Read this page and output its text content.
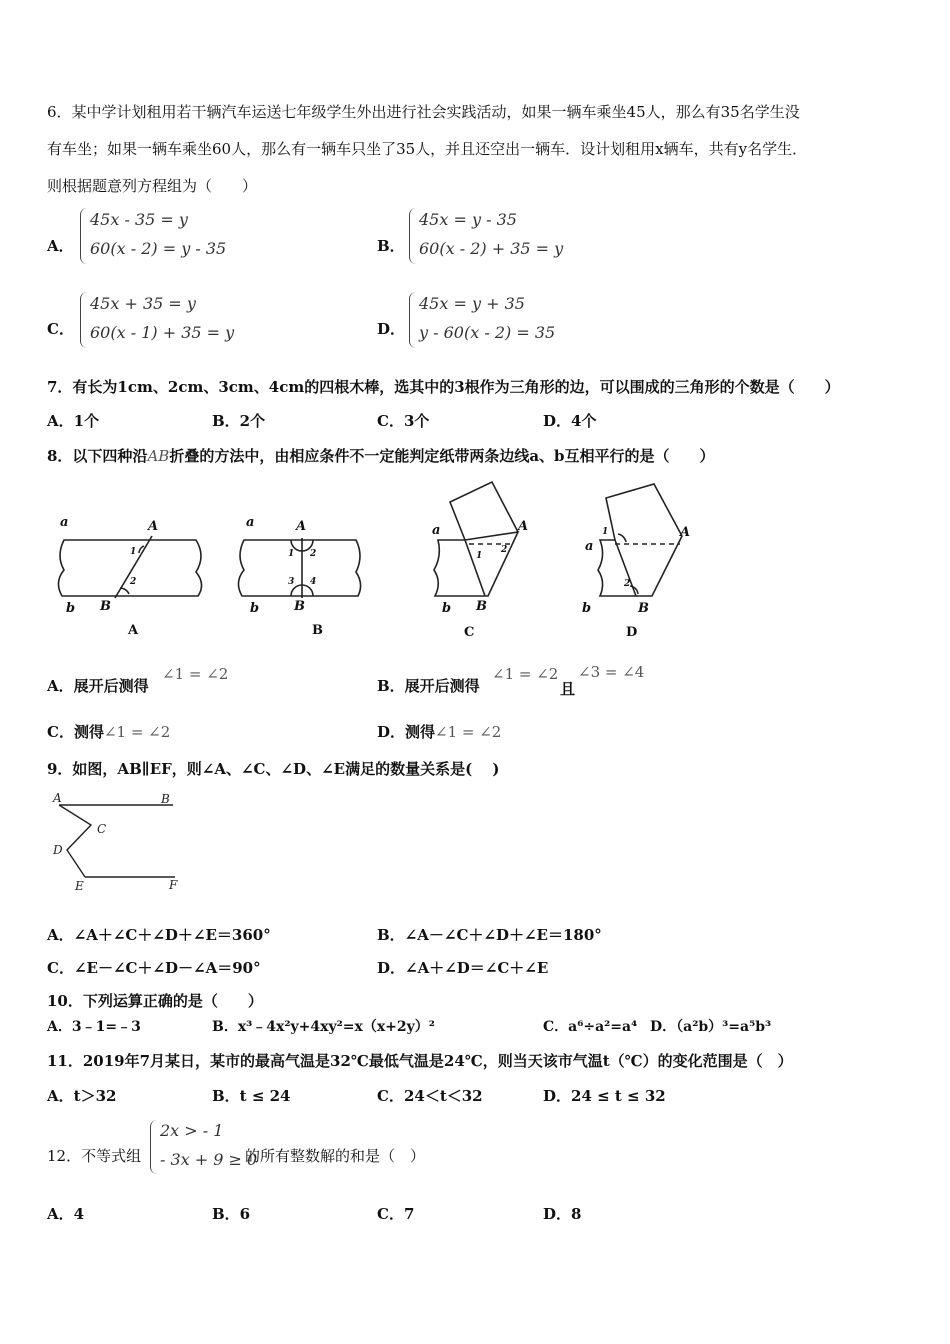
6．某中学计划租用若干辆汽车运送七年级学生外出进行社会实践活动，如果一辆车乘坐45人，那么有35名学生没
有车坐；如果一辆车乘坐60人，那么有一辆车只坐了35人，并且还空出一辆车．设计划租用x辆车，共有y名学生．
则根据题意列方程组为（　　）
A．
45x - 35 = y
60(x - 2) = y - 35	B．
45x = y - 35
60(x - 2) + 35 = y
C．
45x + 35 = y
60(x - 1) + 35 = y	D．
45x = y + 35
y - 60(x - 2) = 35
7．有长为1cm、2cm、3cm、4cm的四根木棒，选其中的3根作为三角形的边，可以围成的三角形的个数是（　　）
A．1个	B．2个	C．3个	D．4个
8．以下四种沿AB折叠的方法中，由相应条件不一定能判定纸带两条边线a、b互相平行的是（　　）
a	A
1
2
b B
A
a	A
1 2
3 4
b	B
B
a	A
1
2
b B
C
a
A
1
2
b	B
D
A．展开后测得
∠1 = ∠2
B．展开后测得
∠1 = ∠2
且
∠3 = ∠4
C．测得∠1 = ∠2	D．测得∠1 = ∠2
9．如图，AB∥EF，则∠A、∠C、∠D、∠E满足的数量关系是(　 )
A	B
C
D
E	F
A．∠A＋∠C＋∠D＋∠E＝360°	B．∠A－∠C＋∠D＋∠E＝180°
C．∠E－∠C＋∠D－∠A＝90°	D．∠A＋∠D＝∠C＋∠E
10．下列运算正确的是（　　）
A．3﹣1=﹣3	B．x³﹣4x²y+4xy²=x（x+2y）²	C．a⁶÷a²=a⁴ D．（a²b）³=a⁵b³
11．2019年7月某日，某市的最高气温是32℃最低气温是24℃，则当天该市气温t（℃）的变化范围是（　）
A．t＞32	B．t ≤ 24	C．24＜t＜32	D．24 ≤ t ≤ 32
12．不等式组
2x > - 1
- 3x + 9 ≥ 0
的所有整数解的和是（　）
A．4	B．6	C．7	D．8
